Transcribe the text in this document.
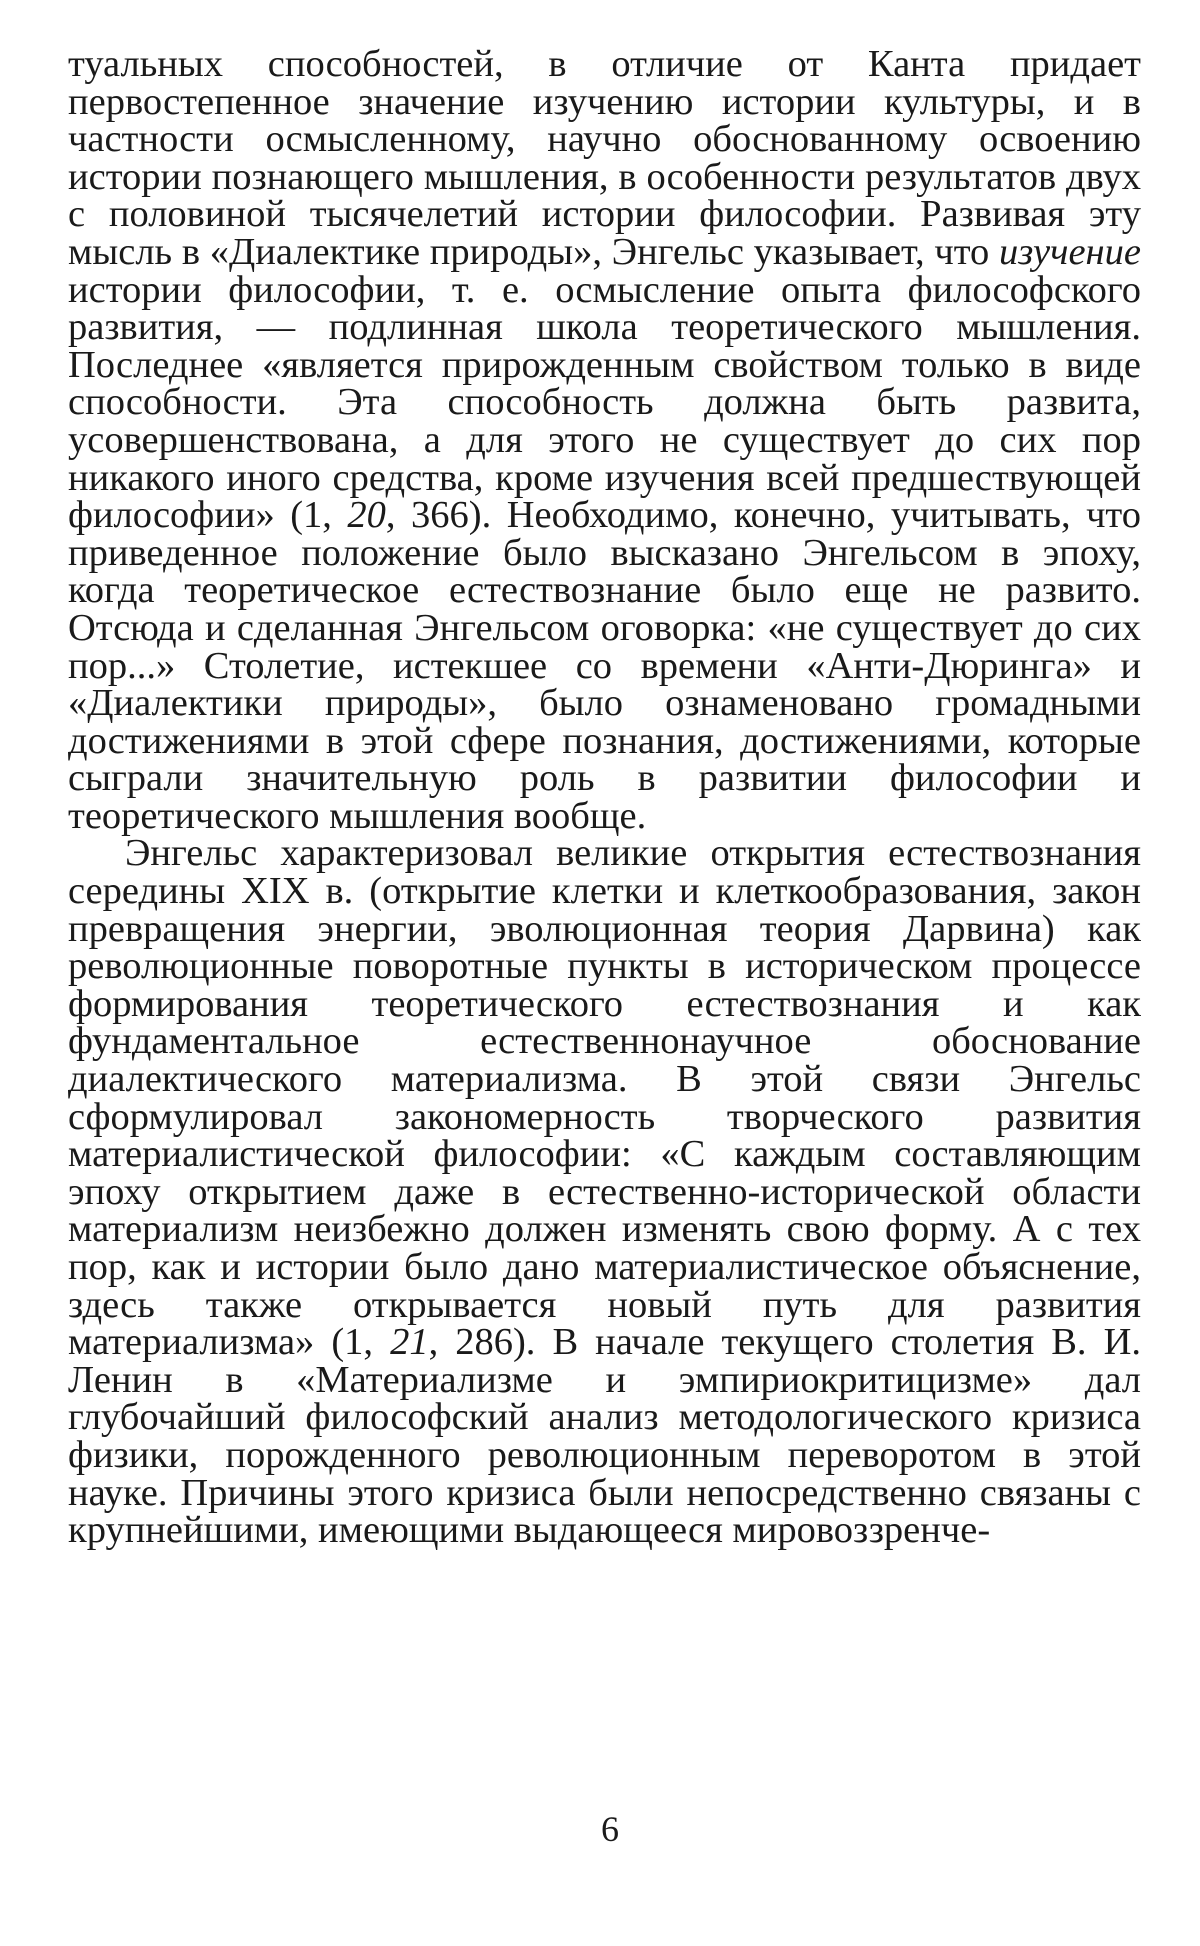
туальных способностей, в отличие от Канта придает первостепенное значение изучению истории культуры, и в частности осмысленному, научно обоснованному освоению истории познающего мышления, в особенности результатов двух с половиной тысячелетий истории философии. Развивая эту мысль в «Диалектике природы», Энгельс указывает, что изучение истории философии, т. е. осмысление опыта философского развития, — подлинная школа теоретического мышления. Последнее «является прирожденным свойством только в виде способности. Эта способность должна быть развита, усовершенствована, а для этого не существует до сих пор никакого иного средства, кроме изучения всей предшествующей философии» (1, 20, 366). Необходимо, конечно, учитывать, что приведенное положение было высказано Энгельсом в эпоху, когда теоретическое естествознание было еще не развито. Отсюда и сделанная Энгельсом оговорка: «не существует до сих пор...» Столетие, истекшее со времени «Анти-Дюринга» и «Диалектики природы», было ознаменовано громадными достижениями в этой сфере познания, достижениями, которые сыграли значительную роль в развитии философии и теоретического мышления вообще.

Энгельс характеризовал великие открытия естествознания середины XIX в. (открытие клетки и клеткообразования, закон превращения энергии, эволюционная теория Дарвина) как революционные поворотные пункты в историческом процессе формирования теоретического естествознания и как фундаментальное естественнонаучное обоснование диалектического материализма. В этой связи Энгельс сформулировал закономерность творческого развития материалистической философии: «С каждым составляющим эпоху открытием даже в естественно-исторической области материализм неизбежно должен изменять свою форму. А с тех пор, как и истории было дано материалистическое объяснение, здесь также открывается новый путь для развития материализма» (1, 21, 286). В начале текущего столетия В. И. Ленин в «Материализме и эмпириокритицизме» дал глубочайший философский анализ методологического кризиса физики, порожденного революционным переворотом в этой науке. Причины этого кризиса были непосредственно связаны с крупнейшими, имеющими выдающееся мировоззренче-

6
